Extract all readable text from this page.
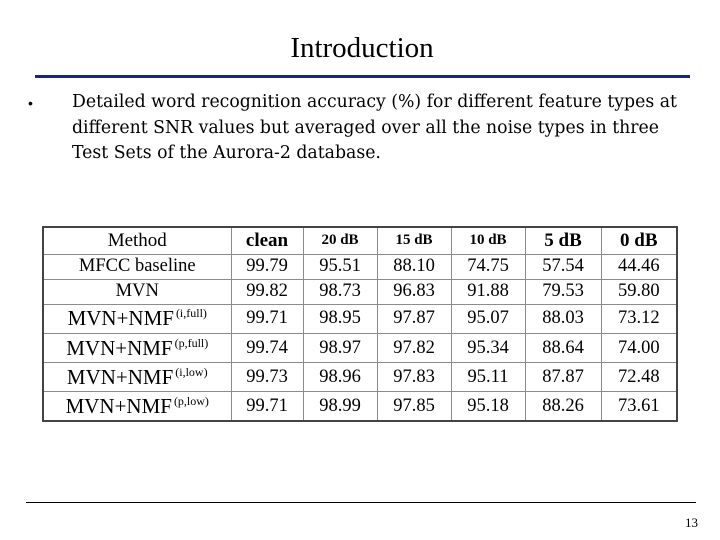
Introduction
•	Detailed word recognition accuracy (%) for different feature types at different SNR values but averaged over all the noise types in three Test Sets of the Aurora-2 database.
Method	clean	20 dB	15 dB	10 dB	5 dB	0 dB
MFCC baseline	99.79	95.51	88.10	74.75	57.54	44.46
MVN	99.82	98.73	96.83	91.88	79.53	59.80
MVN+NMF $^{(i,full)}$	99.71	98.95	97.87	95.07	88.03	73.12
MVN+NMF $^{(p,full)}$	99.74	98.97	97.82	95.34	88.64	74.00
MVN+NMF $^{(i,low)}$	99.73	98.96	97.83	95.11	87.87	72.48
MVN+NMF $^{(p,low)}$	99.71	98.99	97.85	95.18	88.26	73.61
13
